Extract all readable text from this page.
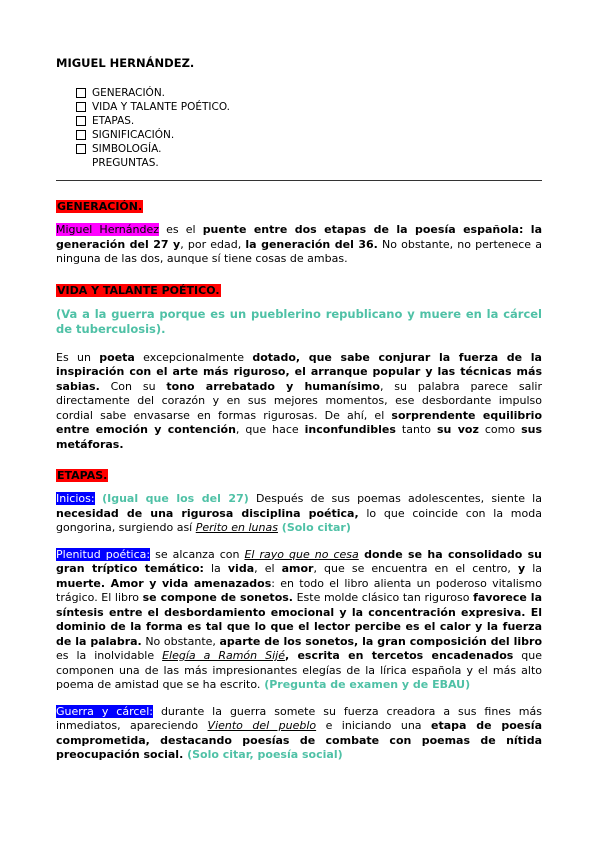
MIGUEL HERNÁNDEZ.
GENERACIÓN.
VIDA Y TALANTE POÉTICO.
ETAPAS.
SIGNIFICACIÓN.
SIMBOLOGÍA.
PREGUNTAS.
GENERACIÓN.

Miguel Hernández es el puente entre dos etapas de la poesía española: la generación del 27 y, por edad, la generación del 36. No obstante, no pertenece a ninguna de las dos, aunque sí tiene cosas de ambas.

VIDA Y TALANTE POÉTICO.

(Va a la guerra porque es un pueblerino republicano y muere en la cárcel de tuberculosis).

Es un poeta excepcionalmente dotado, que sabe conjurar la fuerza de la inspiración con el arte más riguroso, el arranque popular y las técnicas más sabias. Con su tono arrebatado y humanísimo, su palabra parece salir directamente del corazón y en sus mejores momentos, ese desbordante impulso cordial sabe envasarse en formas rigurosas. De ahí, el sorprendente equilibrio entre emoción y contención, que hace inconfundibles tanto su voz como sus metáforas.

ETAPAS.

Inicios: (Igual que los del 27) Después de sus poemas adolescentes, siente la necesidad de una rigurosa disciplina poética, lo que coincide con la moda gongorina, surgiendo así Perito en lunas (Solo citar)

Plenitud poética: se alcanza con El rayo que no cesa donde se ha consolidado su gran tríptico temático: la vida, el amor, que se encuentra en el centro, y la muerte. Amor y vida amenazados: en todo el libro alienta un poderoso vitalismo trágico. El libro se compone de sonetos. Este molde clásico tan riguroso favorece la síntesis entre el desbordamiento emocional y la concentración expresiva. El dominio de la forma es tal que lo que el lector percibe es el calor y la fuerza de la palabra. No obstante, aparte de los sonetos, la gran composición del libro es la inolvidable Elegía a Ramón Sijé, escrita en tercetos encadenados que componen una de las más impresionantes elegías de la lírica española y el más alto poema de amistad que se ha escrito. (Pregunta de examen y de EBAU)

Guerra y cárcel: durante la guerra somete su fuerza creadora a sus fines más inmediatos, apareciendo Viento del pueblo e iniciando una etapa de poesía comprometida, destacando poesías de combate con poemas de nítida preocupación social. (Solo citar, poesía social)
